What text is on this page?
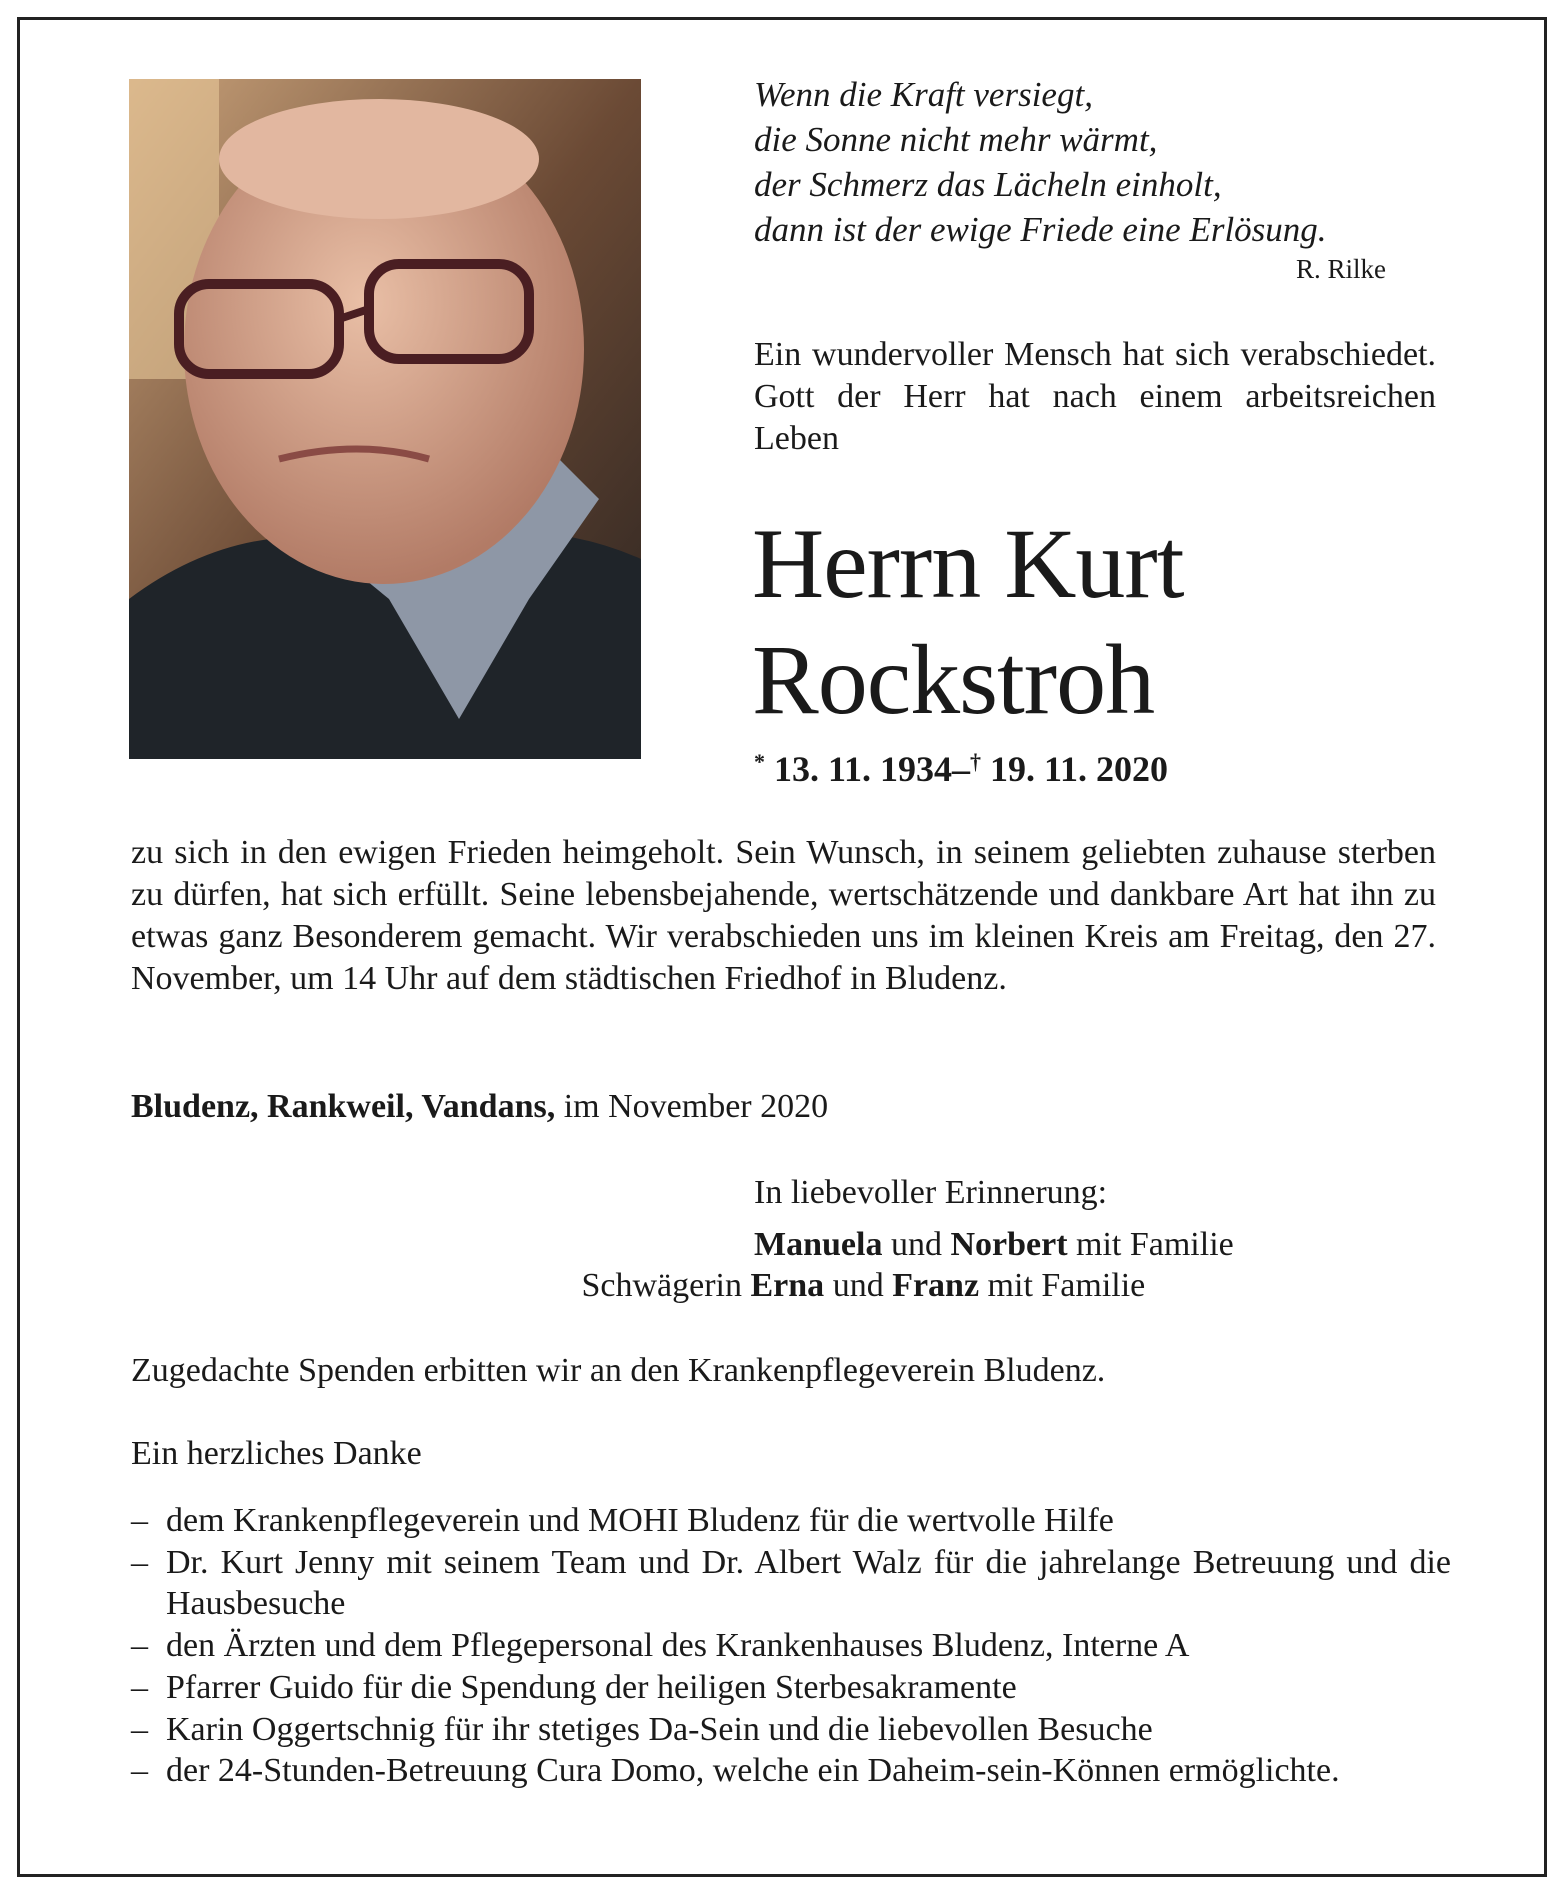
Wenn die Kraft versiegt,
die Sonne nicht mehr wärmt,
der Schmerz das Lächeln einholt,
dann ist der ewige Friede eine Erlösung.
R. Rilke
Ein wundervoller Mensch hat sich verabschiedet. Gott der Herr hat nach einem arbeitsreichen Leben
Herrn Kurt
Rockstroh
* 13. 11. 1934–† 19. 11. 2020
zu sich in den ewigen Frieden heimgeholt. Sein Wunsch, in seinem geliebten zuhause sterben zu dürfen, hat sich erfüllt. Seine lebensbejahende, wertschätzende und dankbare Art hat ihn zu etwas ganz Besonderem gemacht. Wir verabschieden uns im kleinen Kreis am Freitag, den 27. November, um 14 Uhr auf dem städtischen Friedhof in Bludenz.
Bludenz, Rankweil, Vandans, im November 2020
In liebevoller Erinnerung:
Manuela und Norbert mit Familie
Schwägerin Erna und Franz mit Familie
Zugedachte Spenden erbitten wir an den Krankenpflegeverein Bludenz.
Ein herzliches Danke
– dem Krankenpflegeverein und MOHI Bludenz für die wertvolle Hilfe
– Dr. Kurt Jenny mit seinem Team und Dr. Albert Walz für die jahrelange Betreuung und die Hausbesuche
– den Ärzten und dem Pflegepersonal des Krankenhauses Bludenz, Interne A
– Pfarrer Guido für die Spendung der heiligen Sterbesakramente
– Karin Oggertschnig für ihr stetiges Da-Sein und die liebevollen Besuche
– der 24-Stunden-Betreuung Cura Domo, welche ein Daheim-sein-Können ermöglichte.
